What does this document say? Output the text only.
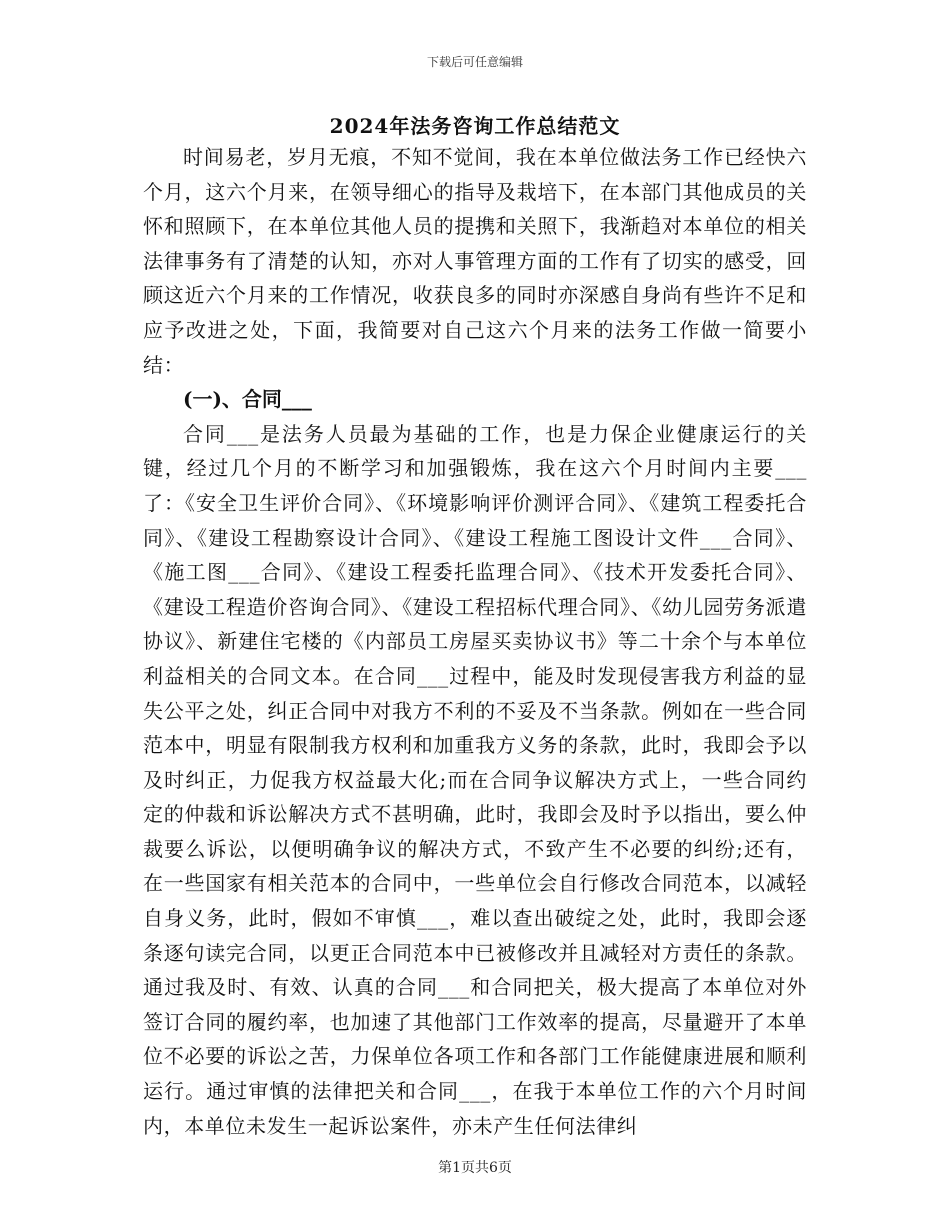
下载后可任意编辑
2024年法务咨询工作总结范文

时间易老，岁月无痕，不知不觉间，我在本单位做法务工作已经快六个月，这六个月来，在领导细心的指导及栽培下，在本部门其他成员的关怀和照顾下，在本单位其他人员的提携和关照下，我渐趋对本单位的相关法律事务有了清楚的认知，亦对人事管理方面的工作有了切实的感受，回顾这近六个月来的工作情况，收获良多的同时亦深感自身尚有些许不足和应予改进之处，下面，我简要对自己这六个月来的法务工作做一简要小结：

(一)、合同___

合同___是法务人员最为基础的工作，也是力保企业健康运行的关键，经过几个月的不断学习和加强锻炼，我在这六个月时间内主要___了：《安全卫生评价合同》、《环境影响评价测评合同》、《建筑工程委托合同》、《建设工程勘察设计合同》、《建设工程施工图设计文件___合同》、《施工图___合同》、《建设工程委托监理合同》、《技术开发委托合同》、《建设工程造价咨询合同》、《建设工程招标代理合同》、《幼儿园劳务派遣协议》、新建住宅楼的《内部员工房屋买卖协议书》等二十余个与本单位利益相关的合同文本。在合同___过程中，能及时发现侵害我方利益的显失公平之处，纠正合同中对我方不利的不妥及不当条款。例如在一些合同范本中，明显有限制我方权利和加重我方义务的条款，此时，我即会予以及时纠正，力促我方权益最大化;而在合同争议解决方式上，一些合同约定的仲裁和诉讼解决方式不甚明确，此时，我即会及时予以指出，要么仲裁要么诉讼，以便明确争议的解决方式，不致产生不必要的纠纷;还有，在一些国家有相关范本的合同中，一些单位会自行修改合同范本，以减轻自身义务，此时，假如不审慎___，难以查出破绽之处，此时，我即会逐条逐句读完合同，以更正合同范本中已被修改并且减轻对方责任的条款。通过我及时、有效、认真的合同___和合同把关，极大提高了本单位对外签订合同的履约率，也加速了其他部门工作效率的提高，尽量避开了本单位不必要的诉讼之苦，力保单位各项工作和各部门工作能健康进展和顺利运行。通过审慎的法律把关和合同___，在我于本单位工作的六个月时间内，本单位未发生一起诉讼案件，亦未产生任何法律纠

第1页共6页
